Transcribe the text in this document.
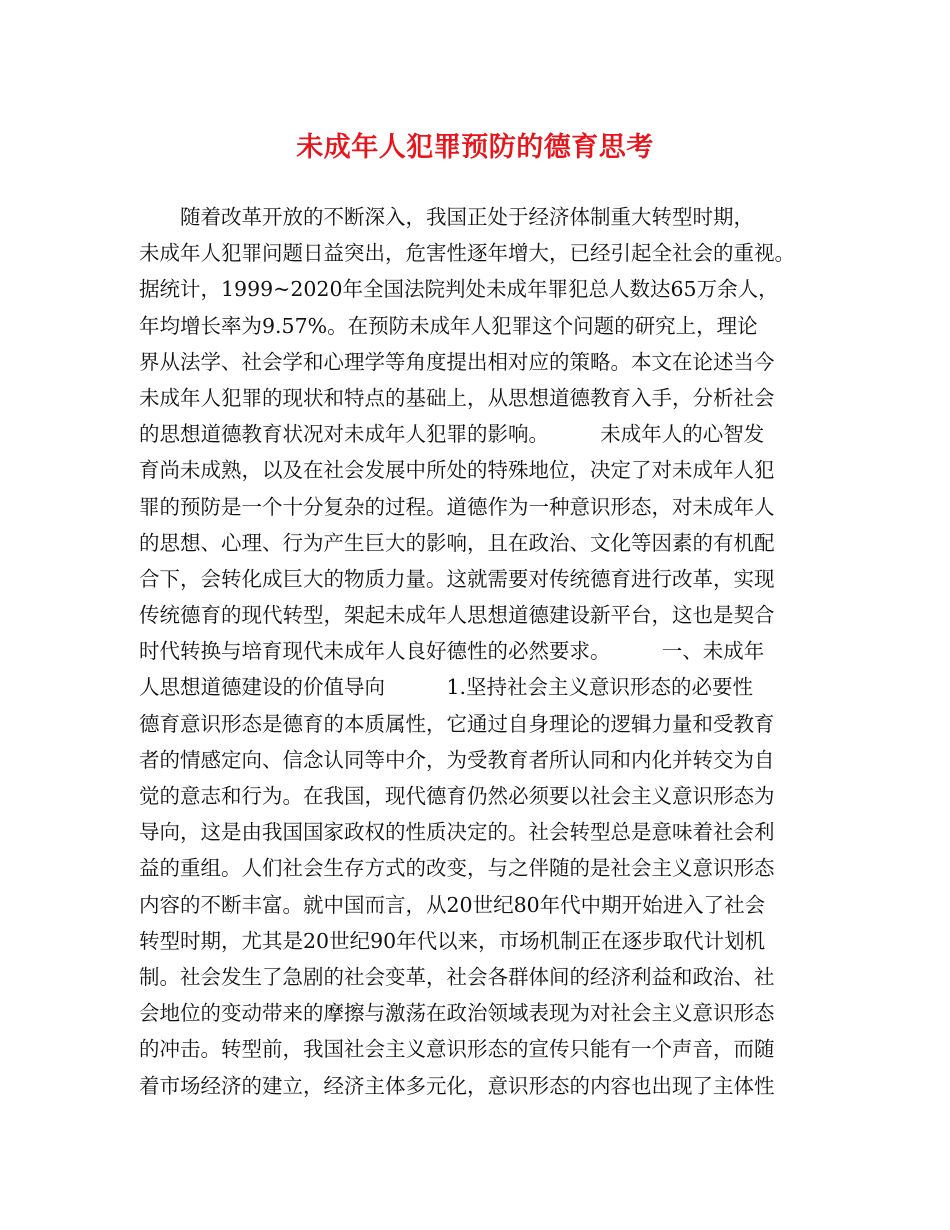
未成年人犯罪预防的德育思考
　　随着改革开放的不断深入，我国正处于经济体制重大转型时期，
未成年人犯罪问题日益突出，危害性逐年增大，已经引起全社会的重视。
据统计，1999~2020年全国法院判处未成年罪犯总人数达65万余人，
年均增长率为9.57%。在预防未成年人犯罪这个问题的研究上，理论
界从法学、社会学和心理学等角度提出相对应的策略。本文在论述当今
未成年人犯罪的现状和特点的基础上，从思想道德教育入手，分析社会
的思想道德教育状况对未成年人犯罪的影响。　　　未成年人的心智发
育尚未成熟，以及在社会发展中所处的特殊地位，决定了对未成年人犯
罪的预防是一个十分复杂的过程。道德作为一种意识形态，对未成年人
的思想、心理、行为产生巨大的影响，且在政治、文化等因素的有机配
合下，会转化成巨大的物质力量。这就需要对传统德育进行改革，实现
传统德育的现代转型，架起未成年人思想道德建设新平台，这也是契合
时代转换与培育现代未成年人良好德性的必然要求。　　　一、未成年
人思想道德建设的价值导向　　　1.坚持社会主义意识形态的必要性
德育意识形态是德育的本质属性，它通过自身理论的逻辑力量和受教育
者的情感定向、信念认同等中介，为受教育者所认同和内化并转交为自
觉的意志和行为。在我国，现代德育仍然必须要以社会主义意识形态为
导向，这是由我国国家政权的性质决定的。社会转型总是意味着社会利
益的重组。人们社会生存方式的改变，与之伴随的是社会主义意识形态
内容的不断丰富。就中国而言，从20世纪80年代中期开始进入了社会
转型时期，尤其是20世纪90年代以来，市场机制正在逐步取代计划机
制。社会发生了急剧的社会变革，社会各群体间的经济利益和政治、社
会地位的变动带来的摩擦与激荡在政治领域表现为对社会主义意识形态
的冲击。转型前，我国社会主义意识形态的宣传只能有一个声音，而随
着市场经济的建立，经济主体多元化，意识形态的内容也出现了主体性
